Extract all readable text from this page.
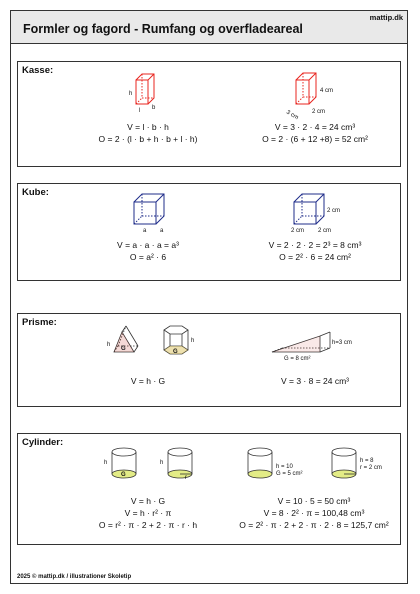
mattip.dk
Formler og fagord - Rumfang og overfladeareal
Kasse:
h
l b
4 cm
3 cm 2 cm
V = l · b · h
O = 2 · (l · b + h · b + l · h)
V = 3 · 2 · 4 = 24 cm³
O = 2 · (6 + 12 +8) = 52 cm²
Kube:
a a
2 cm
2 cm 2 cm
V = a · a · a = a³
O = a² · 6
V = 2 · 2 · 2 = 2³ = 8 cm³
O = 2² · 6 = 24 cm²
Prisme:
h
G
h
G
h=3 cm
G = 8 cm²
V = h · G	V = 3 · 8 = 24 cm³
Cylinder:
h
G
h
r
h = 10
G = 5 cm²
h = 8
r = 2 cm
V = h · G
V = h · r² · π
O = r² · π · 2 + 2 · π · r · h
V = 10 · 5 = 50 cm³
V = 8 · 2² · π = 100,48 cm³
O = 2² · π · 2 + 2 · π · 2 · 8 = 125,7 cm²
2025 © mattip.dk / illustrationer Skoletip
